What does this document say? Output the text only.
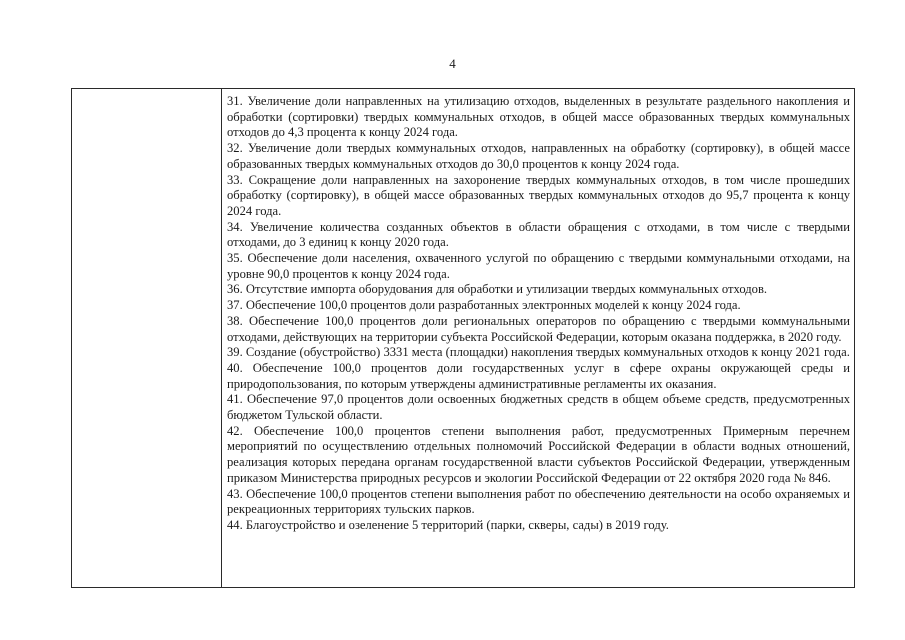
4

31. Увеличение доли направленных на утилизацию отходов, выделенных в результате раздельного накопления и обработки (сортировки) твердых коммунальных отходов, в общей массе образованных твердых коммунальных отходов до 4,3 процента к концу 2024 года.

32. Увеличение доли твердых коммунальных отходов, направленных на обработку (сортировку), в общей массе образованных твердых коммунальных отходов до 30,0 процентов к концу 2024 года.

33. Сокращение доли направленных на захоронение твердых коммунальных отходов, в том числе прошедших обработку (сортировку), в общей массе образованных твердых коммунальных отходов до 95,7 процента к концу 2024 года.

34. Увеличение количества созданных объектов в области обращения с отходами, в том числе с твердыми отходами, до 3 единиц к концу 2020 года.

35. Обеспечение доли населения, охваченного услугой по обращению с твердыми коммунальными отходами, на уровне 90,0 процентов к концу 2024 года.

36. Отсутствие импорта оборудования для обработки и утилизации твердых коммунальных отходов.

37. Обеспечение 100,0 процентов доли разработанных электронных моделей к концу 2024 года.

38. Обеспечение 100,0 процентов доли региональных операторов по обращению с твердыми коммунальными отходами, действующих на территории субъекта Российской Федерации, которым оказана поддержка, в 2020 году.

39. Создание (обустройство) 3331 места (площадки) накопления твердых коммунальных отходов к концу 2021 года.

40. Обеспечение 100,0 процентов доли государственных услуг в сфере охраны окружающей среды и природопользования, по которым утверждены административные регламенты их оказания.

41. Обеспечение 97,0 процентов доли освоенных бюджетных средств в общем объеме средств, предусмотренных бюджетом Тульской области.

42. Обеспечение 100,0 процентов степени выполнения работ, предусмотренных Примерным перечнем мероприятий по осуществлению отдельных полномочий Российской Федерации в области водных отношений, реализация которых передана органам государственной власти субъектов Российской Федерации, утвержденным приказом Министерства природных ресурсов и экологии Российской Федерации от 22 октября 2020 года № 846.

43. Обеспечение 100,0 процентов степени выполнения работ по обеспечению деятельности на особо охраняемых и рекреационных территориях тульских парков.

44. Благоустройство и озеленение 5 территорий (парки, скверы, сады) в 2019 году.
